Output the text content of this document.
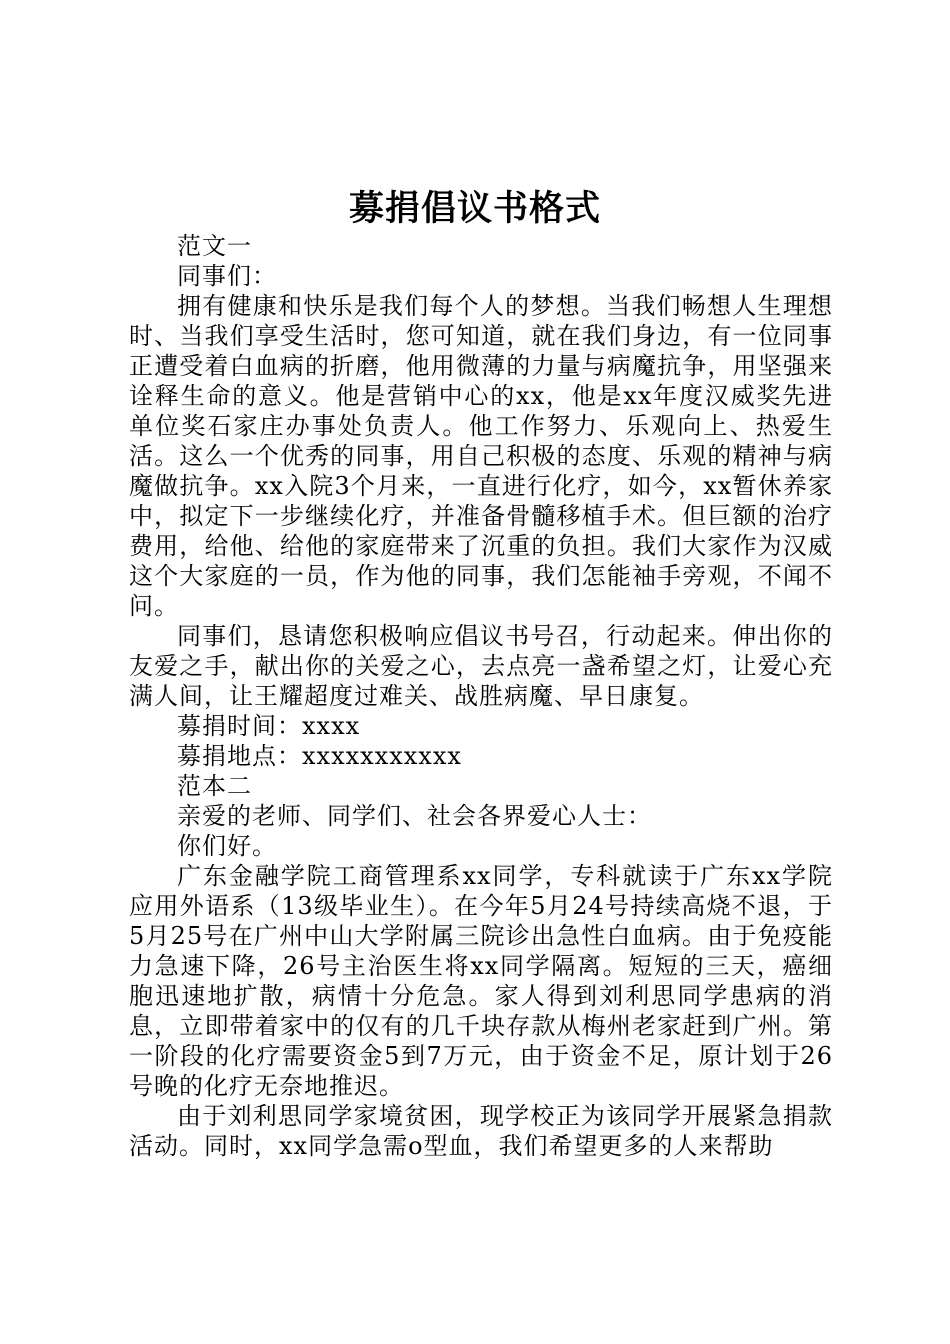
募捐倡议书格式

范文一

同事们：

拥有健康和快乐是我们每个人的梦想。当我们畅想人生理想时、当我们享受生活时，您可知道，就在我们身边，有一位同事正遭受着白血病的折磨，他用微薄的力量与病魔抗争，用坚强来诠释生命的意义。他是营销中心的xx，他是xx年度汉威奖先进单位奖石家庄办事处负责人。他工作努力、乐观向上、热爱生活。这么一个优秀的同事，用自己积极的态度、乐观的精神与病魔做抗争。xx入院3个月来，一直进行化疗，如今，xx暂休养家中，拟定下一步继续化疗，并准备骨髓移植手术。但巨额的治疗费用，给他、给他的家庭带来了沉重的负担。我们大家作为汉威这个大家庭的一员，作为他的同事，我们怎能袖手旁观，不闻不问。

同事们，恳请您积极响应倡议书号召，行动起来。伸出你的友爱之手，献出你的关爱之心，去点亮一盏希望之灯，让爱心充满人间，让王耀超度过难关、战胜病魔、早日康复。

募捐时间：xxxx

募捐地点：xxxxxxxxxxx

范本二

亲爱的老师、同学们、社会各界爱心人士：

你们好。

广东金融学院工商管理系xx同学，专科就读于广东xx学院应用外语系（13级毕业生）。在今年5月24号持续高烧不退，于5月25号在广州中山大学附属三院诊出急性白血病。由于免疫能力急速下降，26号主治医生将xx同学隔离。短短的三天，癌细胞迅速地扩散，病情十分危急。家人得到刘利思同学患病的消息，立即带着家中的仅有的几千块存款从梅州老家赶到广州。第一阶段的化疗需要资金5到7万元，由于资金不足，原计划于26号晚的化疗无奈地推迟。

由于刘利思同学家境贫困，现学校正为该同学开展紧急捐款活动。同时，xx同学急需o型血，我们希望更多的人来帮助
